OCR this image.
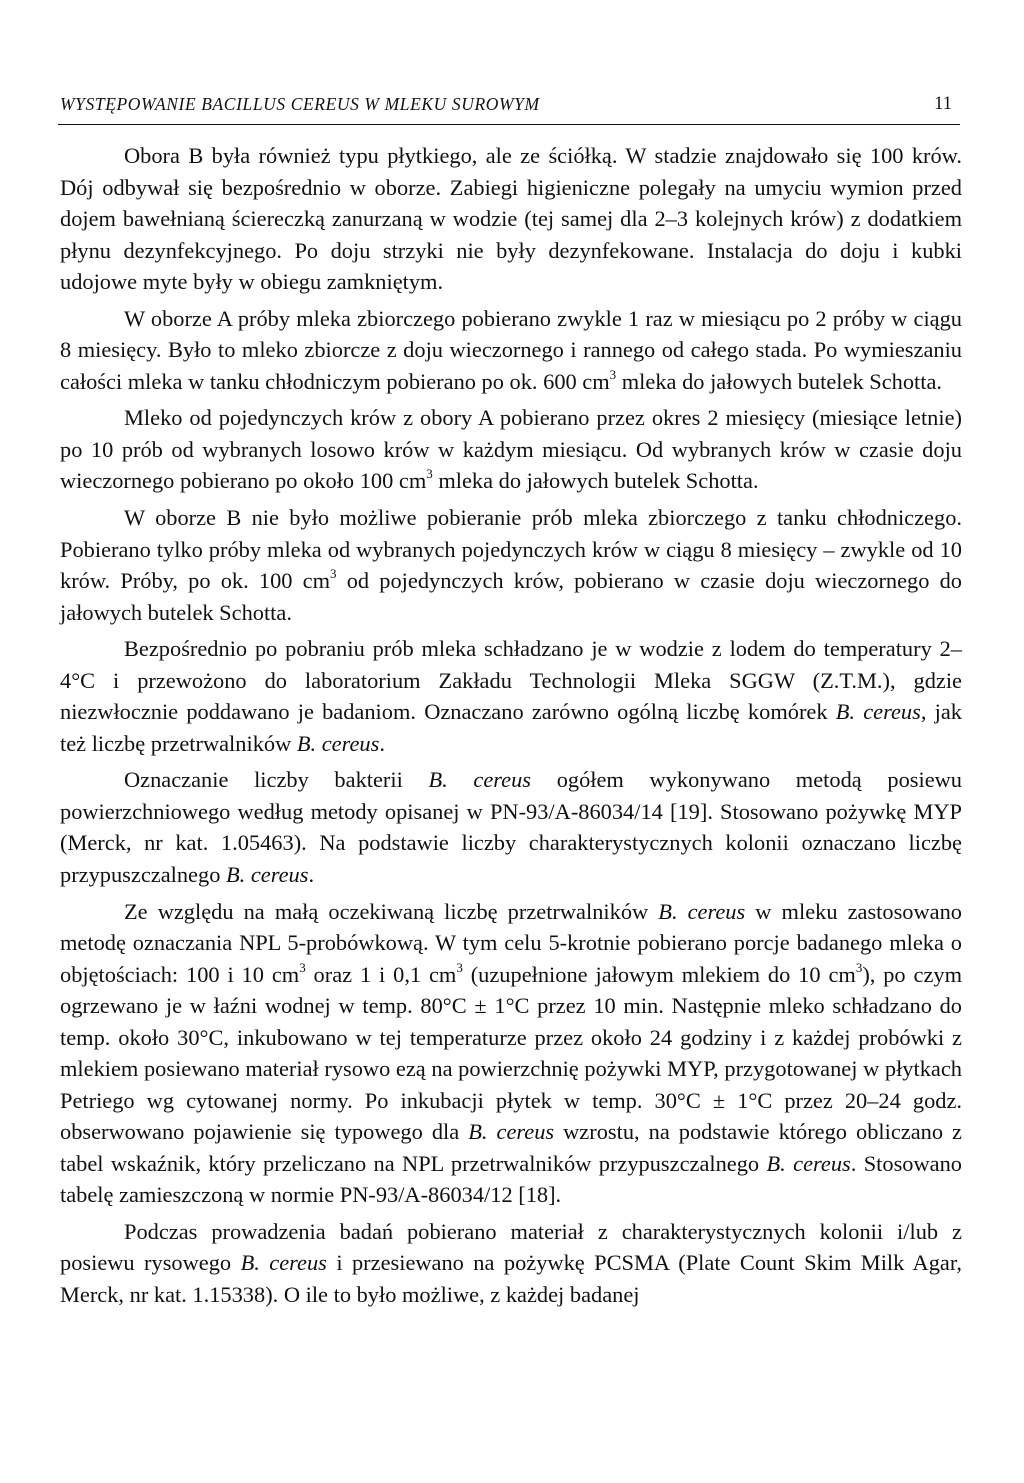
WYSTĘPOWANIE BACILLUS CEREUS W MLEKU SUROWYM	11

Obora B była również typu płytkiego, ale ze ściółką. W stadzie znajdowało się 100 krów. Dój odbywał się bezpośrednio w oborze. Zabiegi higieniczne polegały na umyciu wymion przed dojem bawełnianą ściereczką zanurzaną w wodzie (tej samej dla 2–3 kolejnych krów) z dodatkiem płynu dezynfekcyjnego. Po doju strzyki nie były dezynfekowane. Instalacja do doju i kubki udojowe myte były w obiegu zamkniętym.

W oborze A próby mleka zbiorczego pobierano zwykle 1 raz w miesiącu po 2 próby w ciągu 8 miesięcy. Było to mleko zbiorcze z doju wieczornego i rannego od całego stada. Po wymieszaniu całości mleka w tanku chłodniczym pobierano po ok. 600 $cm^3$ mleka do jałowych butelek Schotta.

Mleko od pojedynczych krów z obory A pobierano przez okres 2 miesięcy (miesiące letnie) po 10 prób od wybranych losowo krów w każdym miesiącu. Od wybranych krów w czasie doju wieczornego pobierano po około 100 $cm^3$ mleka do jałowych butelek Schotta.

W oborze B nie było możliwe pobieranie prób mleka zbiorczego z tanku chłodniczego. Pobierano tylko próby mleka od wybranych pojedynczych krów w ciągu 8 miesięcy – zwykle od 10 krów. Próby, po ok. 100 $cm^3$ od pojedynczych krów, pobierano w czasie doju wieczornego do jałowych butelek Schotta.

Bezpośrednio po pobraniu prób mleka schładzano je w wodzie z lodem do temperatury 2–4°C i przewożono do laboratorium Zakładu Technologii Mleka SGGW (Z.T.M.), gdzie niezwłocznie poddawano je badaniom. Oznaczano zarówno ogólną liczbę komórek B. cereus, jak też liczbę przetrwalników B. cereus.

Oznaczanie liczby bakterii B. cereus ogółem wykonywano metodą posiewu powierzchniowego według metody opisanej w PN-93/A-86034/14 [19]. Stosowano pożywkę MYP (Merck, nr kat. 1.05463). Na podstawie liczby charakterystycznych kolonii oznaczano liczbę przypuszczalnego B. cereus.

Ze względu na małą oczekiwaną liczbę przetrwalników B. cereus w mleku zastosowano metodę oznaczania NPL 5-probówkową. W tym celu 5-krotnie pobierano porcje badanego mleka o objętościach: 100 i 10 $cm^3$ oraz 1 i 0,1 $cm^3$ (uzupełnione jałowym mlekiem do 10 $cm^3$), po czym ogrzewano je w łaźni wodnej w temp. 80°C ± 1°C przez 10 min. Następnie mleko schładzano do temp. około 30°C, inkubowano w tej temperaturze przez około 24 godziny i z każdej probówki z mlekiem posiewano materiał rysowo ezą na powierzchnię pożywki MYP, przygotowanej w płytkach Petriego wg cytowanej normy. Po inkubacji płytek w temp. 30°C ± 1°C przez 20–24 godz. obserwowano pojawienie się typowego dla B. cereus wzrostu, na podstawie którego obliczano z tabel wskaźnik, który przeliczano na NPL przetrwalników przypuszczalnego B. cereus. Stosowano tabelę zamieszczoną w normie PN-93/A-86034/12 [18].

Podczas prowadzenia badań pobierano materiał z charakterystycznych kolonii i/lub z posiewu rysowego B. cereus i przesiewano na pożywkę PCSMA (Plate Count Skim Milk Agar, Merck, nr kat. 1.15338). O ile to było możliwe, z każdej badanej
